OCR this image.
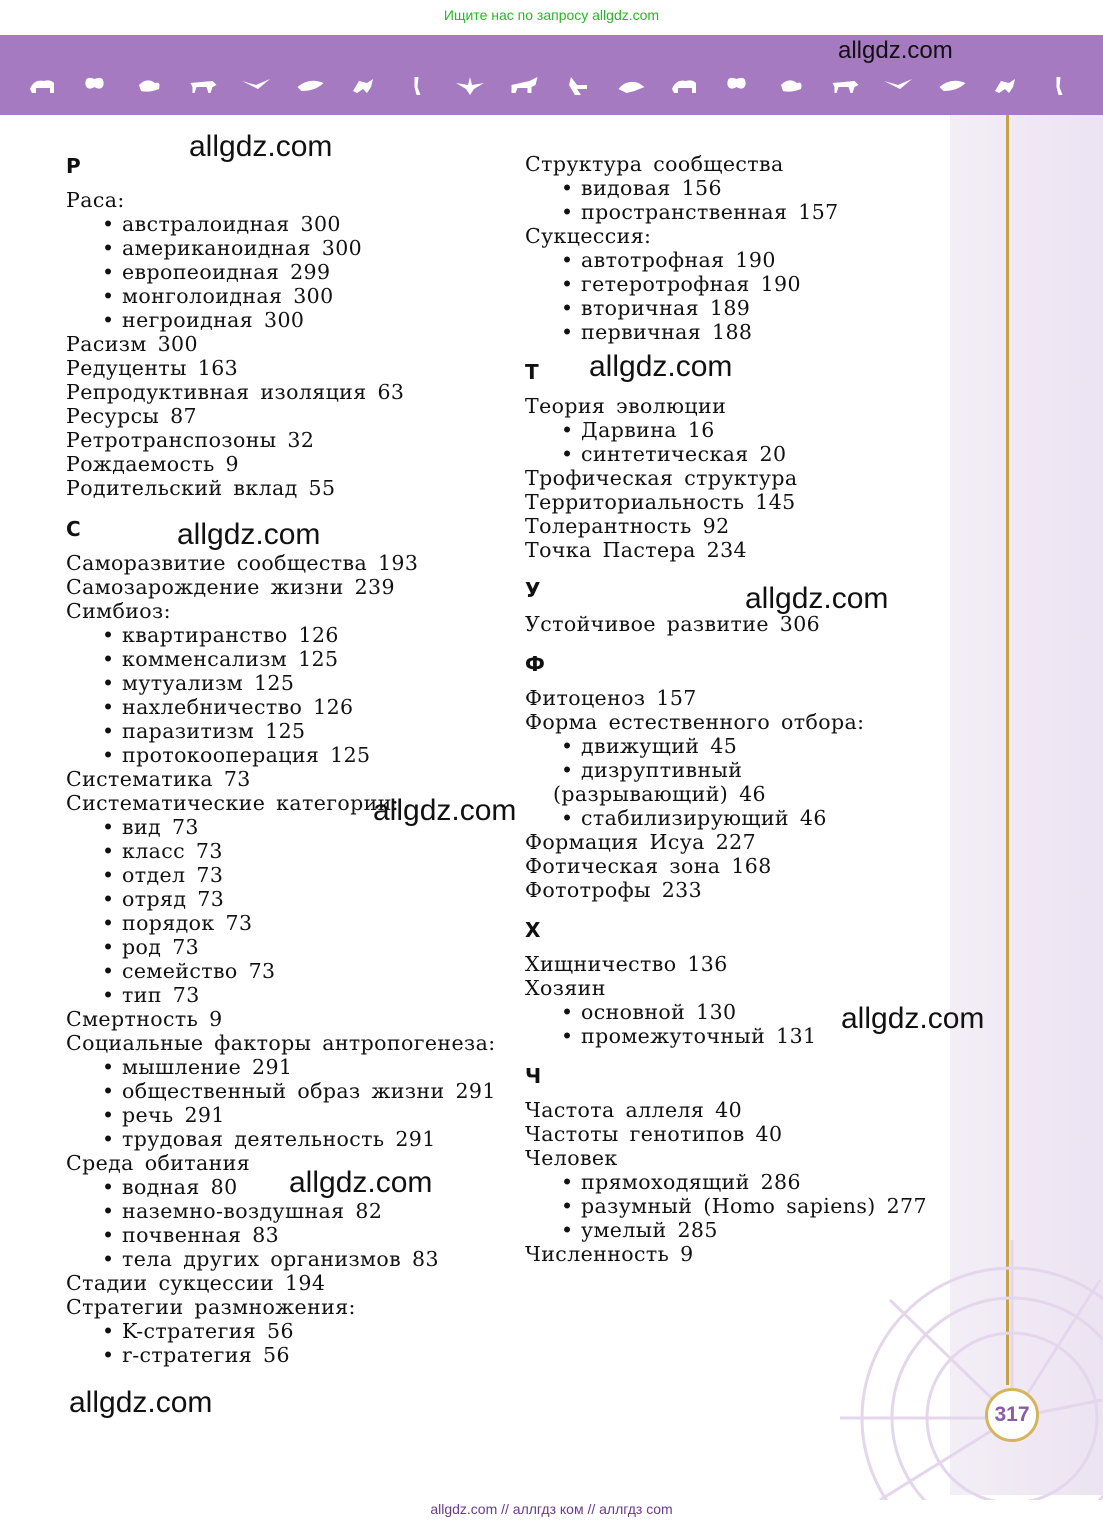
Ищите нас по запросу allgdz.com
allgdz.com
317
Р
Раса:
• австралоидная 300
• американоидная 300
• европеоидная 299
• монголоидная 300
• негроидная 300
Расизм 300
Редуценты 163
Репродуктивная изоляция 63
Ресурсы 87
Ретротранспозоны 32
Рождаемость 9
Родительский вклад 55
С
Саморазвитие сообщества 193
Самозарождение жизни 239
Симбиоз:
• квартиранство 126
• комменсализм 125
• мутуализм 125
• нахлебничество 126
• паразитизм 125
• протокооперация 125
Систематика 73
Систематические категории:
• вид 73
• класс 73
• отдел 73
• отряд 73
• порядок 73
• род 73
• семейство 73
• тип 73
Смертность 9
Социальные факторы антропогенеза:
• мышление 291
• общественный образ жизни 291
• речь 291
• трудовая деятельность 291
Среда обитания
• водная 80
• наземно-воздушная 82
• почвенная 83
• тела других организмов 83
Стадии сукцессии 194
Стратегии размножения:
• K-стратегия 56
• r-стратегия 56
Структура сообщества
• видовая 156
• пространственная 157
Сукцессия:
• автотрофная 190
• гетеротрофная 190
• вторичная 189
• первичная 188
Т
Теория эволюции
• Дарвина 16
• синтетическая 20
Трофическая структура
Территориальность 145
Толерантность 92
Точка Пастера 234
У
Устойчивое развитие 306
Ф
Фитоценоз 157
Форма естественного отбора:
• движущий 45
• дизруптивный
(разрывающий) 46
• стабилизирующий 46
Формация Исуа 227
Фотическая зона 168
Фототрофы 233
Х
Хищничество 136
Хозяин
• основной 130
• промежуточный 131
Ч
Частота аллеля 40
Частоты генотипов 40
Человек
• прямоходящий 286
• разумный (Homo sapiens) 277
• умелый 285
Численность 9
allgdz.com
allgdz.com
allgdz.com
allgdz.com
allgdz.com
allgdz.com
allgdz.com
allgdz.com
allgdz.com // аллгдз ком // аллгдз com
